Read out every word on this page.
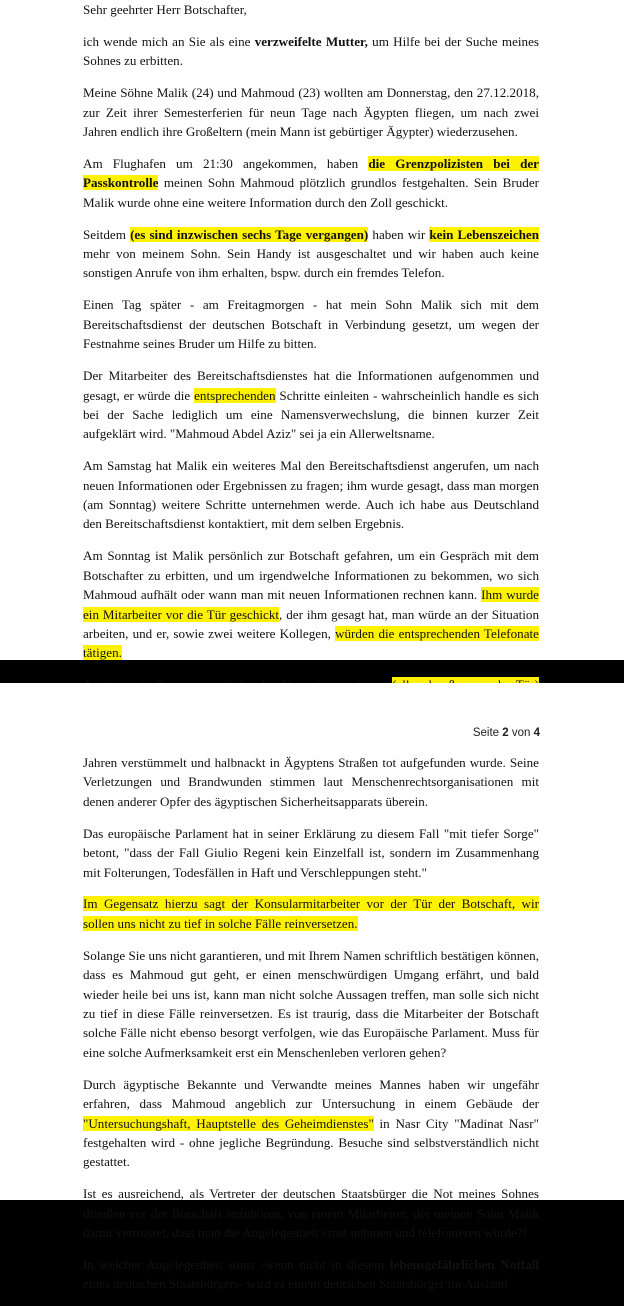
Sehr geehrter Herr Botschafter,

ich wende mich an Sie als eine verzweifelte Mutter, um Hilfe bei der Suche meines Sohnes zu erbitten.

Meine Söhne Malik (24) und Mahmoud (23) wollten am Donnerstag, den 27.12.2018, zur Zeit ihrer Semesterferien für neun Tage nach Ägypten fliegen, um nach zwei Jahren endlich ihre Großeltern (mein Mann ist gebürtiger Ägypter) wiederzusehen.

Am Flughafen um 21:30 angekommen, haben die Grenzpolizisten bei der Passkontrolle meinen Sohn Mahmoud plötzlich grundlos festgehalten. Sein Bruder Malik wurde ohne eine weitere Information durch den Zoll geschickt.

Seitdem (es sind inzwischen sechs Tage vergangen) haben wir kein Lebenszeichen mehr von meinem Sohn. Sein Handy ist ausgeschaltet und wir haben auch keine sonstigen Anrufe von ihm erhalten, bspw. durch ein fremdes Telefon.

Einen Tag später - am Freitagmorgen - hat mein Sohn Malik sich mit dem Bereitschaftsdienst der deutschen Botschaft in Verbindung gesetzt, um wegen der Festnahme seines Bruder um Hilfe zu bitten.

Der Mitarbeiter des Bereitschaftsdienstes hat die Informationen aufgenommen und gesagt, er würde die entsprechenden Schritte einleiten - wahrscheinlich handle es sich bei der Sache lediglich um eine Namensverwechslung, die binnen kurzer Zeit aufgeklärt wird. "Mahmoud Abdel Aziz" sei ja ein Allerweltsname.

Am Samstag hat Malik ein weiteres Mal den Bereitschaftsdienst angerufen, um nach neuen Informationen oder Ergebnissen zu fragen; ihm wurde gesagt, dass man morgen (am Sonntag) weitere Schritte unternehmen werde. Auch ich habe aus Deutschland den Bereitschaftsdienst kontaktiert, mit dem selben Ergebnis.

Am Sonntag ist Malik persönlich zur Botschaft gefahren, um ein Gespräch mit dem Botschafter zu erbitten, und um irgendwelche Informationen zu bekommen, wo sich Mahmoud aufhält oder wann man mit neuen Informationen rechnen kann. Ihm wurde ein Mitarbeiter vor die Tür geschickt, der ihm gesagt hat, man würde an der Situation arbeiten, und er, sowie zwei weitere Kollegen, würden die entsprechenden Telefonate tätigen.

Seite 2 von 4

Jahren verstümmelt und halbnackt in Ägyptens Straßen tot aufgefunden wurde. Seine Verletzungen und Brandwunden stimmen laut Menschenrechtsorganisationen mit denen anderer Opfer des ägyptischen Sicherheitsapparats überein.

Das europäische Parlament hat in seiner Erklärung zu diesem Fall "mit tiefer Sorge" betont, "dass der Fall Giulio Regeni kein Einzelfall ist, sondern im Zusammenhang mit Folterungen, Todesfällen in Haft und Verschleppungen steht."

Im Gegensatz hierzu sagt der Konsularmitarbeiter vor der Tür der Botschaft, wir sollen uns nicht zu tief in solche Fälle reinversetzen.

Solange Sie uns nicht garantieren, und mit Ihrem Namen schriftlich bestätigen können, dass es Mahmoud gut geht, er einen menschwürdigen Umgang erfährt, und bald wieder heile bei uns ist, kann man nicht solche Aussagen treffen, man solle sich nicht zu tief in diese Fälle reinversetzen. Es ist traurig, dass die Mitarbeiter der Botschaft solche Fälle nicht ebenso besorgt verfolgen, wie das Europäische Parlament. Muss für eine solche Aufmerksamkeit erst ein Menschenleben verloren gehen?

Durch ägyptische Bekannte und Verwandte meines Mannes haben wir ungefähr erfahren, dass Mahmoud angeblich zur Untersuchung in einem Gebäude der "Untersuchungshaft, Hauptstelle des Geheimdienstes" in Nasr City "Madinat Nasr" festgehalten wird - ohne jegliche Begründung. Besuche sind selbstverständlich nicht gestattet.

Ist es ausreichend, als Vertreter der deutschen Staatsbürger die Not meines Sohnes draußen vor der Botschaft anzuhören, von einem Mitarbeiter, der meinen Sohn Malik damit vertröstet, dass man die Angelegenheit ernst nehmen und telefonieren würde?!

In welcher Angelegenheit sonst -wenn nicht in diesem lebensgefährlichen Notfall eines deutschen Staatsbürgers- wird es einem deutschen Staatsbürger im Ausland
